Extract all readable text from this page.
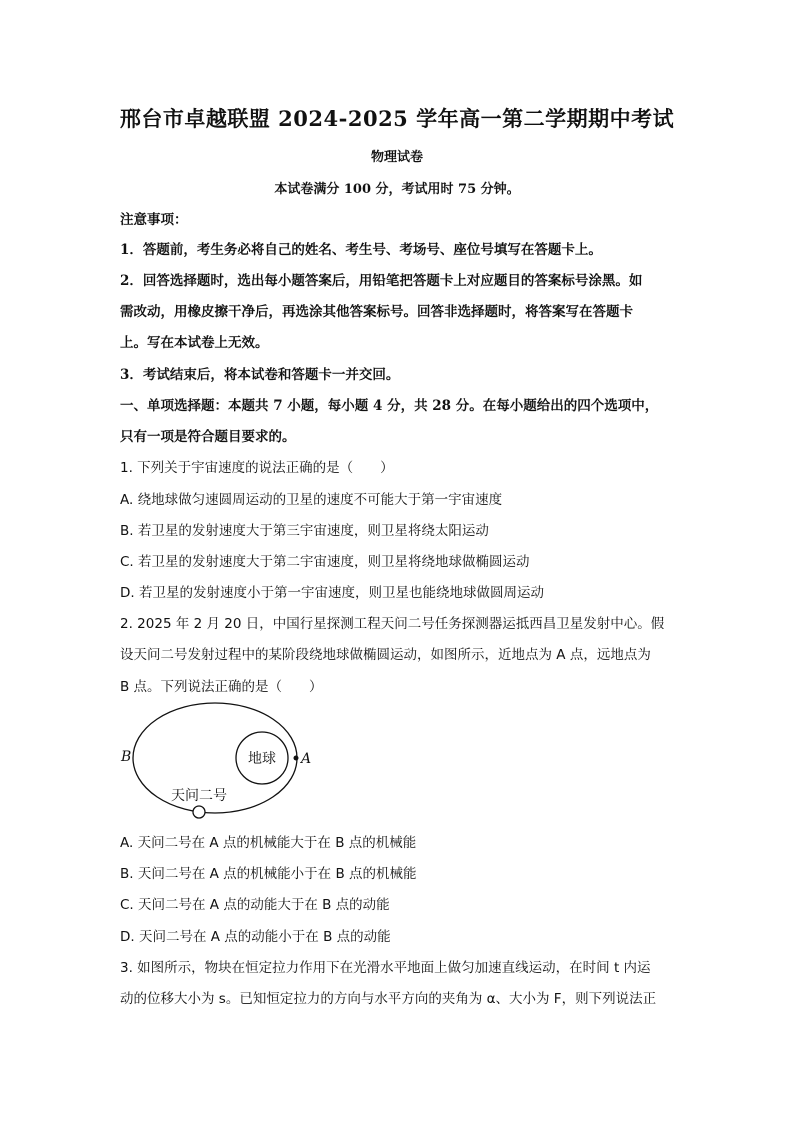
邢台市卓越联盟 2024-2025 学年高一第二学期期中考试
物理试卷
本试卷满分 100 分，考试用时 75 分钟。
注意事项：
1．答题前，考生务必将自己的姓名、考生号、考场号、座位号填写在答题卡上。
2．回答选择题时，选出每小题答案后，用铅笔把答题卡上对应题目的答案标号涂黑。如
需改动，用橡皮擦干净后，再选涂其他答案标号。回答非选择题时，将答案写在答题卡
上。写在本试卷上无效。
3．考试结束后，将本试卷和答题卡一并交回。
一、单项选择题：本题共 7 小题，每小题 4 分，共 28 分。在每小题给出的四个选项中，
只有一项是符合题目要求的。
1. 下列关于宇宙速度的说法正确的是（　　）
A. 绕地球做匀速圆周运动的卫星的速度不可能大于第一宇宙速度
B. 若卫星的发射速度大于第三宇宙速度，则卫星将绕太阳运动
C. 若卫星的发射速度大于第二宇宙速度，则卫星将绕地球做椭圆运动
D. 若卫星的发射速度小于第一宇宙速度，则卫星也能绕地球做圆周运动
2. 2025 年 2 月 20 日，中国行星探测工程天问二号任务探测器运抵西昌卫星发射中心。假
设天问二号发射过程中的某阶段绕地球做椭圆运动，如图所示，近地点为 A 点，远地点为
B 点。下列说法正确的是（　　）
地球 A
B
天问二号
A. 天问二号在 A 点的机械能大于在 B 点的机械能
B. 天问二号在 A 点的机械能小于在 B 点的机械能
C. 天问二号在 A 点的动能大于在 B 点的动能
D. 天问二号在 A 点的动能小于在 B 点的动能
3. 如图所示，物块在恒定拉力作用下在光滑水平地面上做匀加速直线运动，在时间 t 内运
动的位移大小为 s。已知恒定拉力的方向与水平方向的夹角为 α、大小为 F，则下列说法正
